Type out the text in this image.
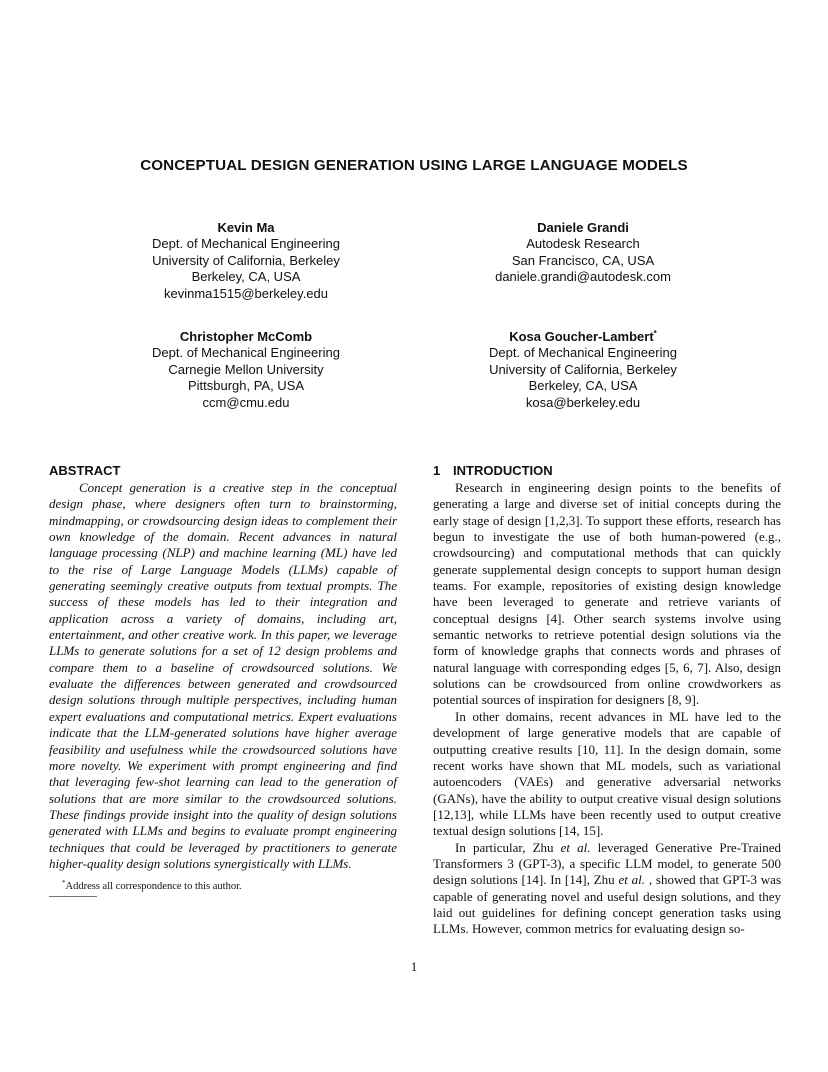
CONCEPTUAL DESIGN GENERATION USING LARGE LANGUAGE MODELS
Kevin Ma
Dept. of Mechanical Engineering
University of California, Berkeley
Berkeley, CA, USA
kevinma1515@berkeley.edu
Daniele Grandi
Autodesk Research
San Francisco, CA, USA
daniele.grandi@autodesk.com
Christopher McComb
Dept. of Mechanical Engineering
Carnegie Mellon University
Pittsburgh, PA, USA
ccm@cmu.edu
Kosa Goucher-Lambert*
Dept. of Mechanical Engineering
University of California, Berkeley
Berkeley, CA, USA
kosa@berkeley.edu
ABSTRACT

Concept generation is a creative step in the conceptual design phase, where designers often turn to brainstorming, mindmapping, or crowdsourcing design ideas to complement their own knowledge of the domain. Recent advances in natural language processing (NLP) and machine learning (ML) have led to the rise of Large Language Models (LLMs) capable of generating seemingly creative outputs from textual prompts. The success of these models has led to their integration and application across a variety of domains, including art, entertainment, and other creative work. In this paper, we leverage LLMs to generate solutions for a set of 12 design problems and compare them to a baseline of crowdsourced solutions. We evaluate the differences between generated and crowdsourced design solutions through multiple perspectives, including human expert evaluations and computational metrics. Expert evaluations indicate that the LLM-generated solutions have higher average feasibility and usefulness while the crowdsourced solutions have more novelty. We experiment with prompt engineering and find that leveraging few-shot learning can lead to the generation of solutions that are more similar to the crowdsourced solutions. These findings provide insight into the quality of design solutions generated with LLMs and begins to evaluate prompt engineering techniques that could be leveraged by practitioners to generate higher-quality design solutions synergistically with LLMs.

1 INTRODUCTION

Research in engineering design points to the benefits of generating a large and diverse set of initial concepts during the early stage of design [1,2,3]. To support these efforts, research has begun to investigate the use of both human-powered (e.g., crowdsourcing) and computational methods that can quickly generate supplemental design concepts to support human design teams. For example, repositories of existing design knowledge have been leveraged to generate and retrieve variants of conceptual designs [4]. Other search systems involve using semantic networks to retrieve potential design solutions via the form of knowledge graphs that connects words and phrases of natural language with corresponding edges [5, 6, 7]. Also, design solutions can be crowdsourced from online crowdworkers as potential sources of inspiration for designers [8, 9].

In other domains, recent advances in ML have led to the development of large generative models that are capable of outputting creative results [10, 11]. In the design domain, some recent works have shown that ML models, such as variational autoencoders (VAEs) and generative adversarial networks (GANs), have the ability to output creative visual design solutions [12,13], while LLMs have been recently used to output creative textual design solutions [14, 15].

In particular, Zhu et al. leveraged Generative Pre-Trained Transformers 3 (GPT-3), a specific LLM model, to generate 500 design solutions [14]. In [14], Zhu et al. , showed that GPT-3 was capable of generating novel and useful design solutions, and they laid out guidelines for defining concept generation tasks using LLMs. However, common metrics for evaluating design so-

*Address all correspondence to this author.
1
